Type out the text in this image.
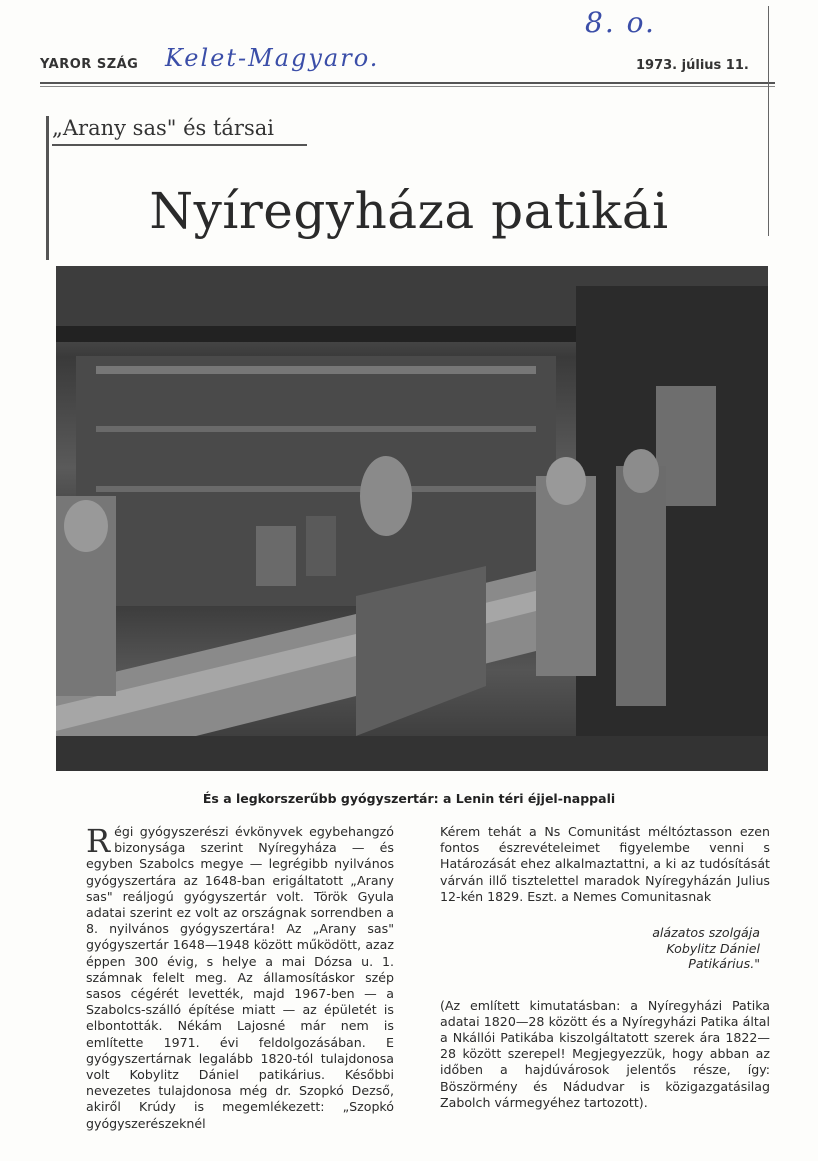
8. o.
Kelet-Magyaro.
YAROR SZÁG	1973. július 11.
„Arany sas" és társai
Nyíregyháza patikái
És a legkorszerűbb gyógyszertár: a Lenin téri éjjel-nappali

Régi gyógyszerészi évkönyvek egybehangzó bizonysága szerint Nyíregyháza — és egyben Szabolcs megye — legrégibb nyilvános gyógyszertára az 1648-ban erigáltatott „Arany sas" reáljogú gyógyszertár volt. Török Gyula adatai szerint ez volt az országnak sorrendben a 8. nyilvános gyógyszertára! Az „Arany sas" gyógyszertár 1648—1948 között működött, azaz éppen 300 évig, s helye a mai Dózsa u. 1. számnak felelt meg. Az államosításkor szép sasos cégérét levették, majd 1967-ben — a Szabolcs-szálló építése miatt — az épületét is elbontották. Nékám Lajosné már nem is említette 1971. évi feldolgozásában. E gyógyszertárnak legalább 1820-tól tulajdonosa volt Kobylitz Dániel patikárius. Későbbi nevezetes tulajdonosa még dr. Szopkó Dezső, akiről Krúdy is megemlékezett: „Szopkó gyógyszerészeknél

Kérem tehát a Ns Comunitást méltóztasson ezen fontos észrevételeimet figyelembe venni s Határozását ehez alkalmaztattni, a ki az tudósítását várván illő tisztelettel maradok Nyíregyházán Julius 12-kén 1829. Eszt. a Nemes Comunitasnak

alázatos szolgája
Kobylitz Dániel
Patikárius."

(Az említett kimutatásban: a Nyíregyházi Patika adatai 1820—28 között és a Nyíregyházi Patika által a Nkállói Patikába kiszolgáltatott szerek ára 1822—28 között szerepel! Megjegyezzük, hogy abban az időben a hajdúvárosok jelentős része, így: Böszörmény és Nádudvar is közigazgatásilag Zabolch vármegyéhez tartozott).
